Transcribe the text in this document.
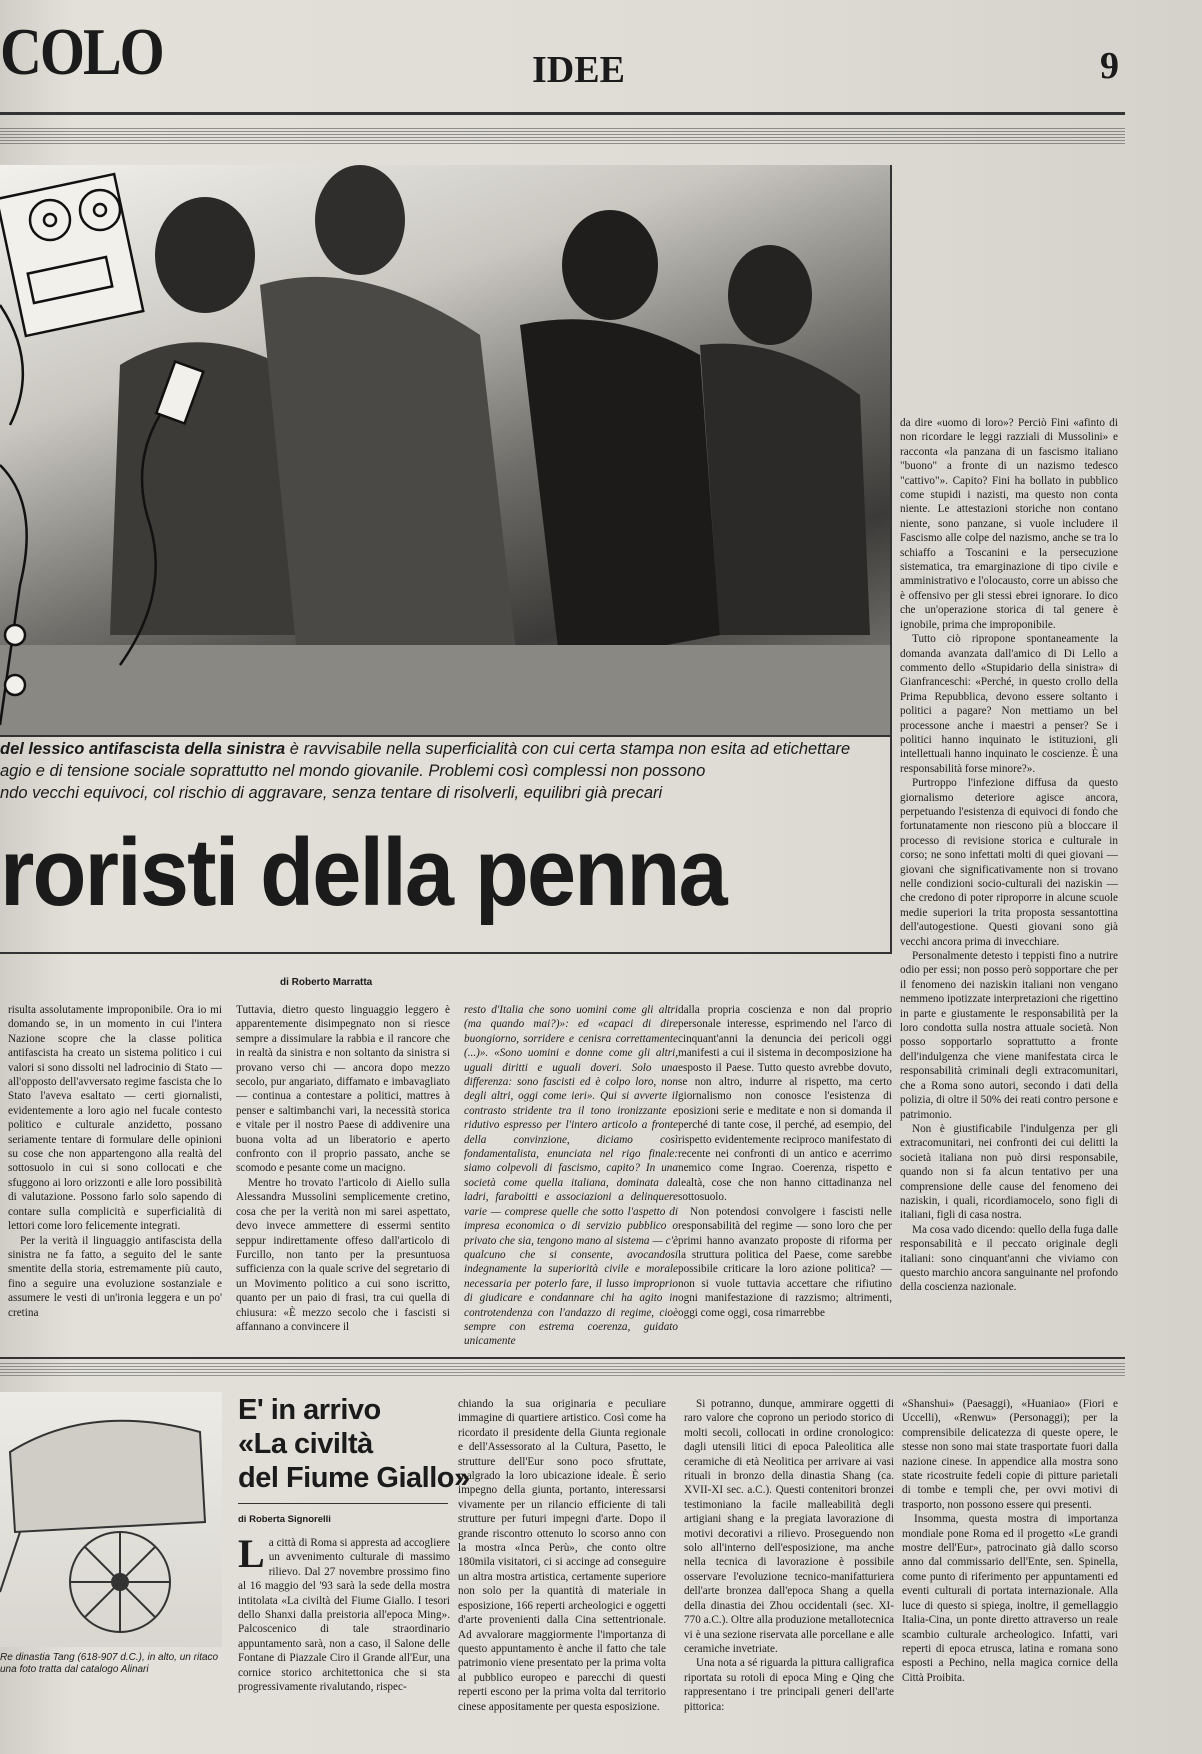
COLO	IDEE	9
del lessico antifascista della sinistra è ravvisabile nella superficialità con cui certa stampa non esita ad etichettare
agio e di tensione sociale soprattutto nel mondo giovanile. Problemi così complessi non possono
ndo vecchi equivoci, col rischio di aggravare, senza tentare di risolverli, equilibri già precari
roristi della penna
di Roberto Marratta

da dire «uomo di loro»? Perciò Fini «afinto di non ricordare le leggi razziali di Mussolini» e racconta «la panzana di un fascismo italiano "buono" a fronte di un nazismo tedesco "cattivo"». Capito? Fini ha bollato in pubblico come stupidi i nazisti, ma questo non conta niente. Le attestazioni storiche non contano niente, sono panzane, si vuole includere il Fascismo alle colpe del nazismo, anche se tra lo schiaffo a Toscanini e la persecuzione sistematica, tra emarginazione di tipo civile e amministrativo e l'olocausto, corre un abisso che è offensivo per gli stessi ebrei ignorare. Io dico che un'operazione storica di tal genere è ignobile, prima che improponibile.

Tutto ciò ripropone spontaneamente la domanda avanzata dall'amico di Di Lello a commento dello «Stupidario della sinistra» di Gianfranceschi: «Perché, in questo crollo della Prima Repubblica, devono essere soltanto i politici a pagare? Non mettiamo un bel processone anche i maestri a penser? Se i politici hanno inquinato le istituzioni, gli intellettuali hanno inquinato le coscienze. È una responsabilità forse minore?».

Purtroppo l'infezione diffusa da questo giornalismo deteriore agisce ancora, perpetuando l'esistenza di equivoci di fondo che fortunatamente non riescono più a bloccare il processo di revisione storica e culturale in corso; ne sono infettati molti di quei giovani — giovani che significativamente non si trovano nelle condizioni socio-culturali dei naziskin — che credono di poter riproporre in alcune scuole medie superiori la trita proposta sessantottina dell'autogestione. Questi giovani sono già vecchi ancora prima di invecchiare.

Personalmente detesto i teppisti fino a nutrire odio per essi; non posso però sopportare che per il fenomeno dei naziskin italiani non vengano nemmeno ipotizzate interpretazioni che rigettino in parte e giustamente le responsabilità per la loro condotta sulla nostra attuale società. Non posso sopportarlo soprattutto a fronte dell'indulgenza che viene manifestata circa le responsabilità criminali degli extracomunitari, che a Roma sono autori, secondo i dati della polizia, di oltre il 50% dei reati contro persone e patrimonio.

Non è giustificabile l'indulgenza per gli extracomunitari, nei confronti dei cui delitti la società italiana non può dirsi responsabile, quando non si fa alcun tentativo per una comprensione delle cause del fenomeno dei naziskin, i quali, ricordiamocelo, sono figli di italiani, figli di casa nostra.

Ma cosa vado dicendo: quello della fuga dalle responsabilità e il peccato originale degli italiani: sono cinquant'anni che viviamo con questo marchio ancora sanguinante nel profondo della coscienza nazionale.

risulta assolutamente improponibile. Ora io mi domando se, in un momento in cui l'intera Nazione scopre che la classe politica antifascista ha creato un sistema politico i cui valori si sono dissolti nel ladrocinio di Stato — all'opposto dell'avversato regime fascista che lo Stato l'aveva esaltato — certi giornalisti, evidentemente a loro agio nel fucale contesto politico e culturale anzidetto, possano seriamente tentare di formulare delle opinioni su cose che non appartengono alla realtà del sottosuolo in cui si sono collocati e che sfuggono ai loro orizzonti e alle loro possibilità di valutazione. Possono farlo solo sapendo di contare sulla complicità e superficialità di lettori come loro felicemente integrati.

Per la verità il linguaggio antifascista della sinistra ne fa fatto, a seguito del le sante smentite della storia, estremamente più cauto, fino a seguire una evoluzione sostanziale e assumere le vesti di un'ironia leggera e un po' cretina

Tuttavia, dietro questo linguaggio leggero è apparentemente disimpegnato non si riesce sempre a dissimulare la rabbia e il rancore che in realtà da sinistra e non soltanto da sinistra si provano verso chi — ancora dopo mezzo secolo, pur angariato, diffamato e imbavagliato — continua a contestare a politici, mattres à penser e saltimbanchi vari, la necessità storica e vitale per il nostro Paese di addivenire una buona volta ad un liberatorio e aperto confronto con il proprio passato, anche se scomodo e pesante come un macigno.

Mentre ho trovato l'articolo di Aiello sulla Alessandra Mussolini semplicemente cretino, cosa che per la verità non mi sarei aspettato, devo invece ammettere di essermi sentito seppur indirettamente offeso dall'articolo di Furcillo, non tanto per la presuntuosa sufficienza con la quale scrive del segretario di un Movimento politico a cui sono iscritto, quanto per un paio di frasi, tra cui quella di chiusura: «È mezzo secolo che i fascisti si affannano a convincere il

resto d'Italia che sono uomini come gli altri (ma quando mai?)»: ed «capaci di dire buongiorno, sorridere e cenisra correttamente (...)». «Sono uomini e donne come gli altri, uguali diritti e uguali doveri. Solo una differenza: sono fascisti ed è colpo loro, non degli altri, oggi come ieri». Qui si avverte il contrasto stridente tra il tono ironizzante e ridutivo espresso per l'intero articolo a fronte della convinzione, diciamo così fondamentalista, enunciata nel rigo finale: siamo colpevoli di fascismo, capito? In una società come quella italiana, dominata da ladri, faraboitti e associazioni a delinquere varie — comprese quelle che sotto l'aspetto di impresa economica o di servizio pubblico o privato che sia, tengono mano al sistema — c'è qualcuno che si consente, avocandosi indegnamente la superiorità civile e morale necessaria per poterlo fare, il lusso improprio di giudicare e condannare chi ha agito in controtendenza con l'andazzo di regime, cioè sempre con estrema coerenza, guidato unicamente

dalla propria coscienza e non dal proprio personale interesse, esprimendo nel l'arco di cinquant'anni la denuncia dei pericoli oggi manifesti a cui il sistema in decomposizione ha esposto il Paese. Tutto questo avrebbe dovuto, se non altro, indurre al rispetto, ma certo giornalismo non conosce l'esistenza di posizioni serie e meditate e non si domanda il perché di tante cose, il perché, ad esempio, del rispetto evidentemente reciproco manifestato di recente nei confronti di un antico e acerrimo nemico come Ingrao. Coerenza, rispetto e lealtà, cose che non hanno cittadinanza nel sottosuolo.

Non potendosi convolgere i fascisti nelle responsabilità del regime — sono loro che per primi hanno avanzato proposte di riforma per la struttura politica del Paese, come sarebbe possibile criticare la loro azione politica? — non si vuole tuttavia accettare che rifiutino ogni manifestazione di razzismo; altrimenti, oggi come oggi, cosa rimarrebbe

Re dinastia Tang (618-907 d.C.), in alto, un ritaco una foto tratta dal catalogo Alinari
E' in arrivo
«La civiltà
del Fiume Giallo»
di Roberta Signorelli

La città di Roma si appresta ad accogliere un avvenimento culturale di massimo rilievo. Dal 27 novembre prossimo fino al 16 maggio del '93 sarà la sede della mostra intitolata «La civiltà del Fiume Giallo. I tesori dello Shanxi dalla preistoria all'epoca Ming». Palcoscenico di tale straordinario appuntamento sarà, non a caso, il Salone delle Fontane di Piazzale Ciro il Grande all'Eur, una cornice storico architettonica che si sta progressivamente rivalutando, rispec-

chiando la sua originaria e peculiare immagine di quartiere artistico. Così come ha ricordato il presidente della Giunta regionale e dell'Assessorato al la Cultura, Pasetto, le strutture dell'Eur sono poco sfruttate, malgrado la loro ubicazione ideale. È serio impegno della giunta, portanto, interessarsi vivamente per un rilancio efficiente di tali strutture per futuri impegni d'arte. Dopo il grande riscontro ottenuto lo scorso anno con la mostra «Inca Perù», che conto oltre 180mila visitatori, ci si accinge ad conseguire un altra mostra artistica, certamente superiore non solo per la quantità di materiale in esposizione, 166 reperti archeologici e oggetti d'arte provenienti dalla Cina settentrionale. Ad avvalorare maggiormente l'importanza di questo appuntamento è anche il fatto che tale patrimonio viene presentato per la prima volta al pubblico europeo e parecchi di questi reperti escono per la prima volta dal territorio cinese appositamente per questa esposizione.

Si potranno, dunque, ammirare oggetti di raro valore che coprono un periodo storico di molti secoli, collocati in ordine cronologico: dagli utensili litici di epoca Paleolitica alle ceramiche di età Neolitica per arrivare ai vasi rituali in bronzo della dinastia Shang (ca. XVII-XI sec. a.C.). Questi contenitori bronzei testimoniano la facile malleabilità degli artigiani shang e la pregiata lavorazione di motivi decorativi a rilievo. Proseguendo non solo all'interno dell'esposizione, ma anche nella tecnica di lavorazione è possibile osservare l'evoluzione tecnico-manifatturiera dell'arte bronzea dall'epoca Shang a quella della dinastia dei Zhou occidentali (sec. XI-770 a.C.). Oltre alla produzione metallotecnica vi è una sezione riservata alle porcellane e alle ceramiche invetriate.

Una nota a sé riguarda la pittura calligrafica riportata su rotoli di epoca Ming e Qing che rappresentano i tre principali generi dell'arte pittorica:

«Shanshui» (Paesaggi), «Huaniao» (Fiori e Uccelli), «Renwu» (Personaggi); per la comprensibile delicatezza di queste opere, le stesse non sono mai state trasportate fuori dalla nazione cinese. In appendice alla mostra sono state ricostruite fedeli copie di pitture parietali di tombe e templi che, per ovvi motivi di trasporto, non possono essere qui presenti.

Insomma, questa mostra di importanza mondiale pone Roma ed il progetto «Le grandi mostre dell'Eur», patrocinato già dallo scorso anno dal commissario dell'Ente, sen. Spinella, come punto di riferimento per appuntamenti ed eventi culturali di portata internazionale. Alla luce di questo si spiega, inoltre, il gemellaggio Italia-Cina, un ponte diretto attraverso un reale scambio culturale archeologico. Infatti, vari reperti di epoca etrusca, latina e romana sono esposti a Pechino, nella magica cornice della Città Proibita.
